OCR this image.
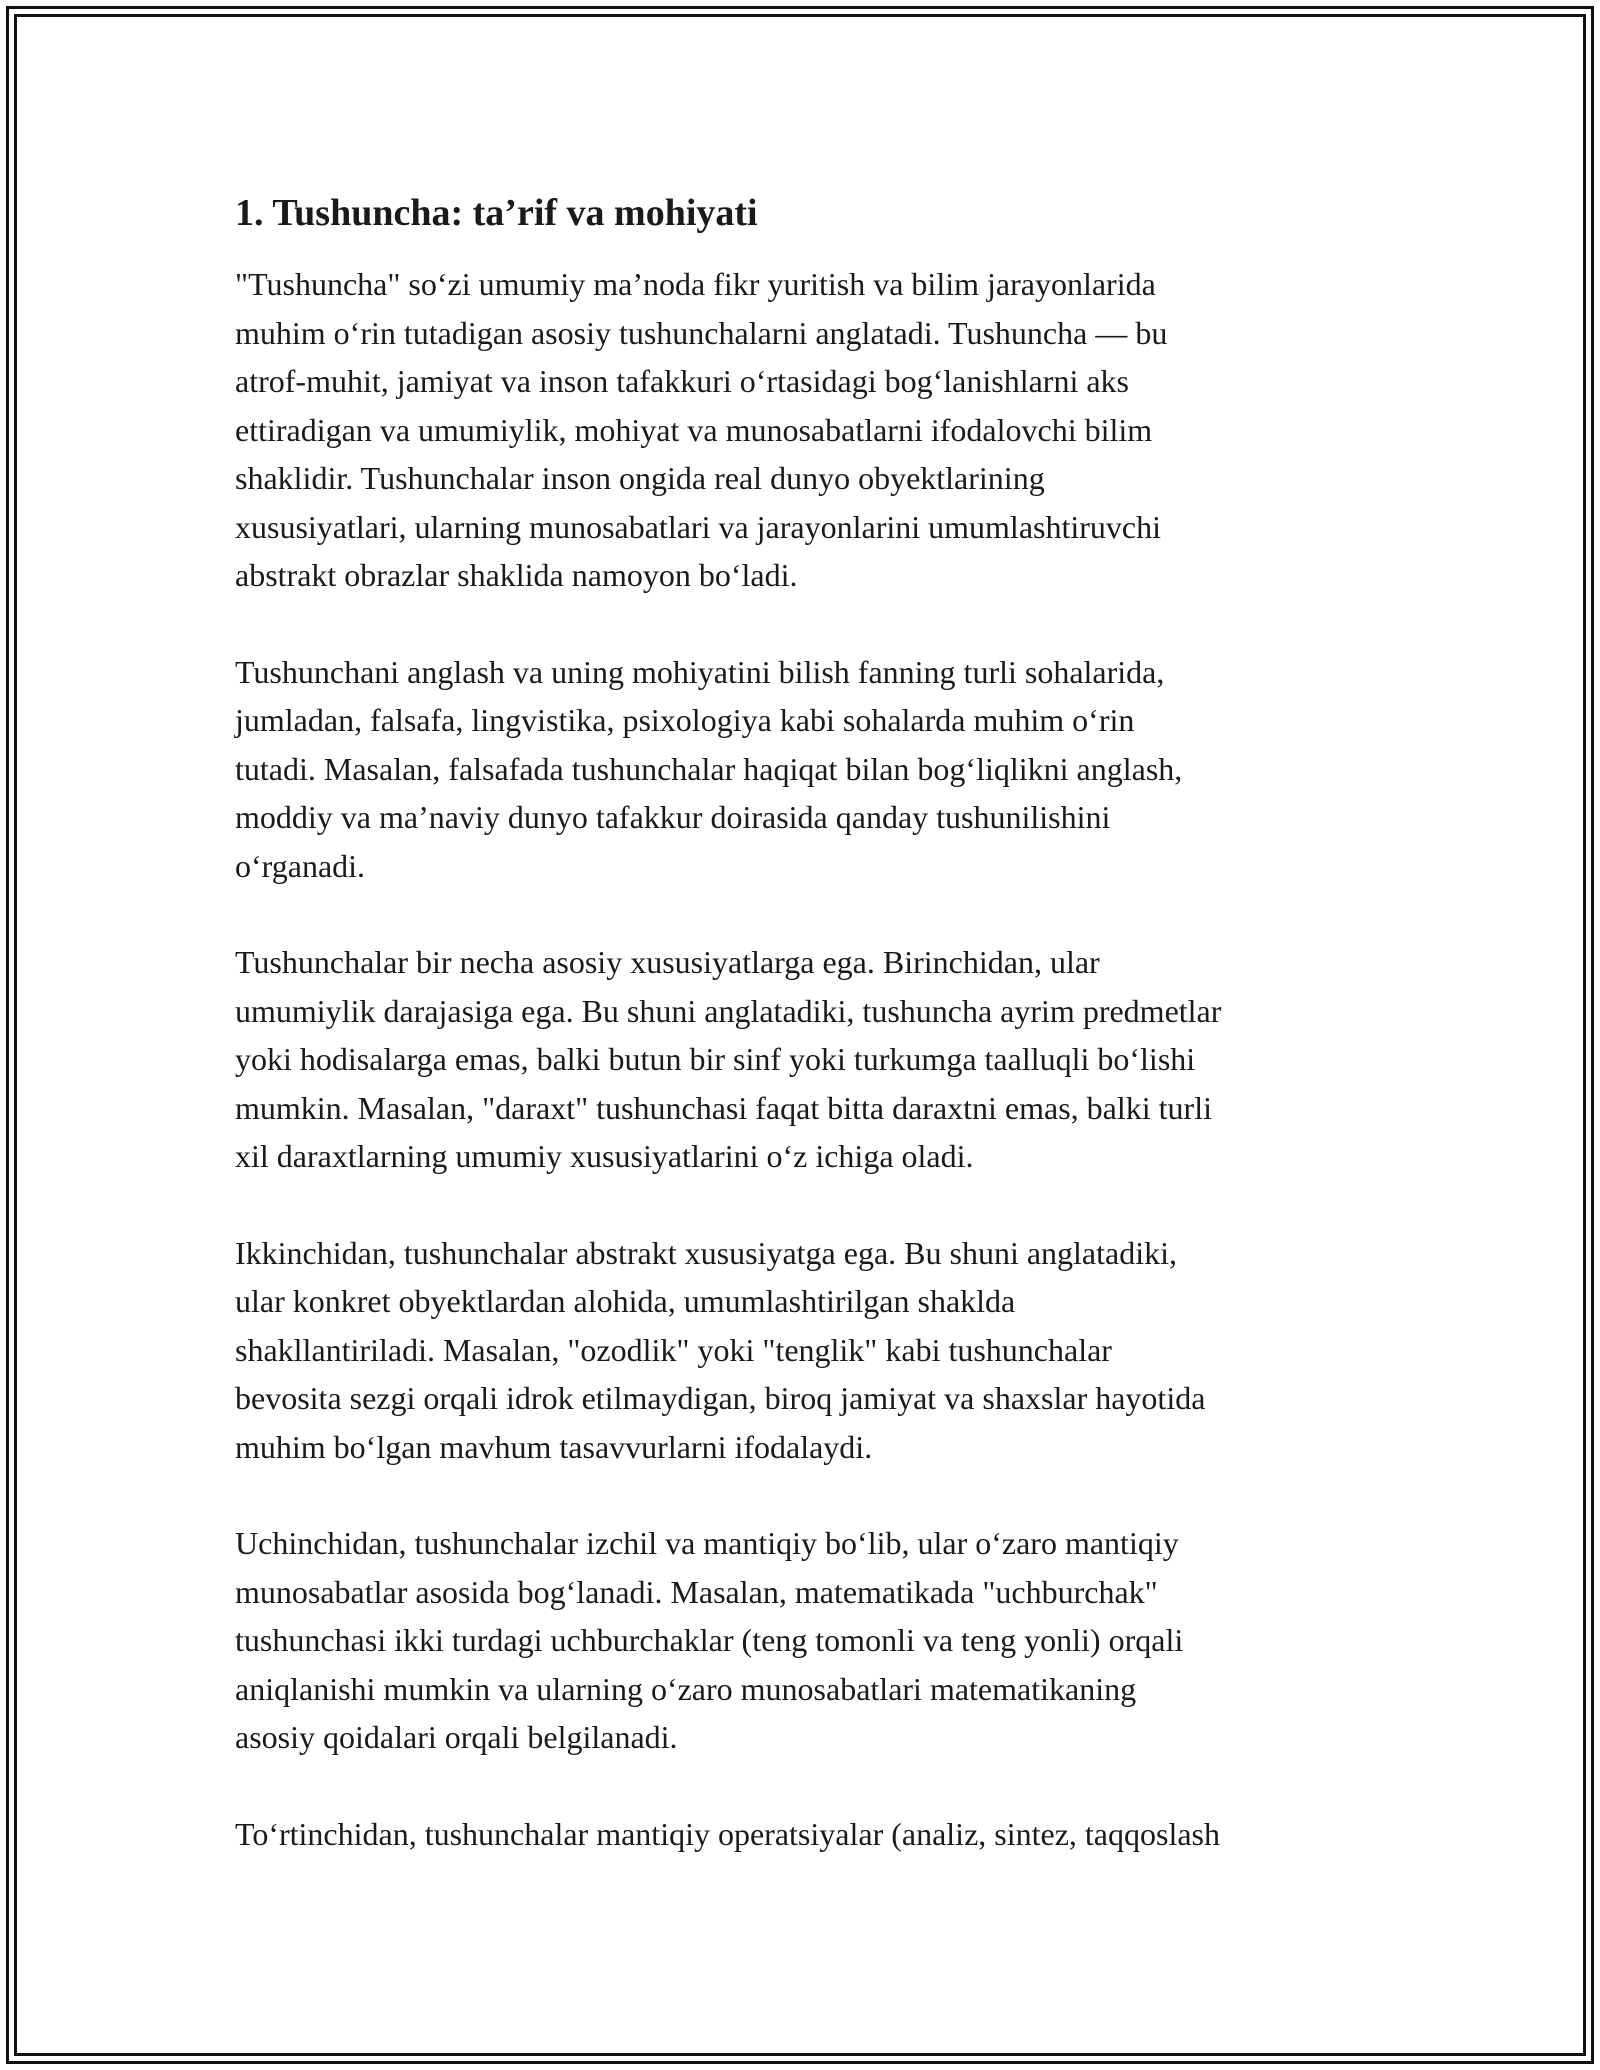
1. Tushuncha: ta’rif va mohiyati

"Tushuncha" so‘zi umumiy ma’noda fikr yuritish va bilim jarayonlarida
muhim o‘rin tutadigan asosiy tushunchalarni anglatadi. Tushuncha — bu
atrof-muhit, jamiyat va inson tafakkuri o‘rtasidagi bog‘lanishlarni aks
ettiradigan va umumiylik, mohiyat va munosabatlarni ifodalovchi bilim
shaklidir. Tushunchalar inson ongida real dunyo obyektlarining
xususiyatlari, ularning munosabatlari va jarayonlarini umumlashtiruvchi
abstrakt obrazlar shaklida namoyon bo‘ladi.

Tushunchani anglash va uning mohiyatini bilish fanning turli sohalarida,
jumladan, falsafa, lingvistika, psixologiya kabi sohalarda muhim o‘rin
tutadi. Masalan, falsafada tushunchalar haqiqat bilan bog‘liqlikni anglash,
moddiy va ma’naviy dunyo tafakkur doirasida qanday tushunilishini
o‘rganadi.

Tushunchalar bir necha asosiy xususiyatlarga ega. Birinchidan, ular
umumiylik darajasiga ega. Bu shuni anglatadiki, tushuncha ayrim predmetlar
yoki hodisalarga emas, balki butun bir sinf yoki turkumga taalluqli bo‘lishi
mumkin. Masalan, "daraxt" tushunchasi faqat bitta daraxtni emas, balki turli
xil daraxtlarning umumiy xususiyatlarini o‘z ichiga oladi.

Ikkinchidan, tushunchalar abstrakt xususiyatga ega. Bu shuni anglatadiki,
ular konkret obyektlardan alohida, umumlashtirilgan shaklda
shakllantiriladi. Masalan, "ozodlik" yoki "tenglik" kabi tushunchalar
bevosita sezgi orqali idrok etilmaydigan, biroq jamiyat va shaxslar hayotida
muhim bo‘lgan mavhum tasavvurlarni ifodalaydi.

Uchinchidan, tushunchalar izchil va mantiqiy bo‘lib, ular o‘zaro mantiqiy
munosabatlar asosida bog‘lanadi. Masalan, matematikada "uchburchak"
tushunchasi ikki turdagi uchburchaklar (teng tomonli va teng yonli) orqali
aniqlanishi mumkin va ularning o‘zaro munosabatlari matematikaning
asosiy qoidalari orqali belgilanadi.

To‘rtinchidan, tushunchalar mantiqiy operatsiyalar (analiz, sintez, taqqoslash
